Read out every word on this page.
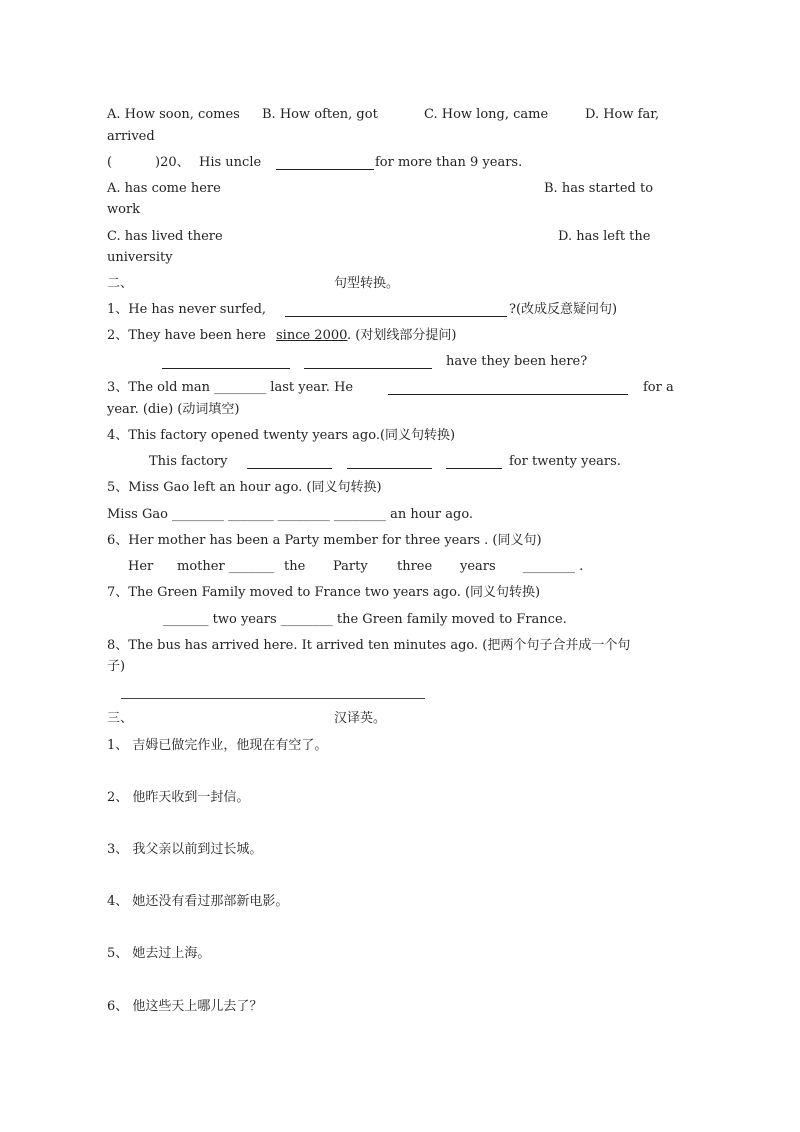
A. How soon, comes B. How often, got	C. How long, came	D. How far,
arrived
(	)20、 His uncle	for more than 9 years.
A. has come here	B. has started to
work
C. has lived there	D. has left the
university
二、	句型转换。
1、He has never surfed,	?(改成反意疑问句)
2、They have been here since 2000 . (对划线部分提问)
have they been here?
3、The old man ________ last year. He	for a
year. (die) (动词填空)
4、This factory opened twenty years ago.(同义句转换)
This factory	for twenty years.
5、Miss Gao left an hour ago. (同义句转换)
Miss Gao ________ _______ ________ ________ an hour ago.
6、Her mother has been a Party member for three years . (同义句)
Her mother _______ the Party three years ________ .
7、The Green Family moved to France two years ago. (同义句转换)
_______ two years ________ the Green family moved to France.
8、The bus has arrived here. It arrived ten minutes ago. (把两个句子合并成一个句
子)
三、	汉译英。
1、 吉姆已做完作业，他现在有空了。
2、 他昨天收到一封信。
3、 我父亲以前到过长城。
4、 她还没有看过那部新电影。
5、 她去过上海。
6、 他这些天上哪儿去了？
